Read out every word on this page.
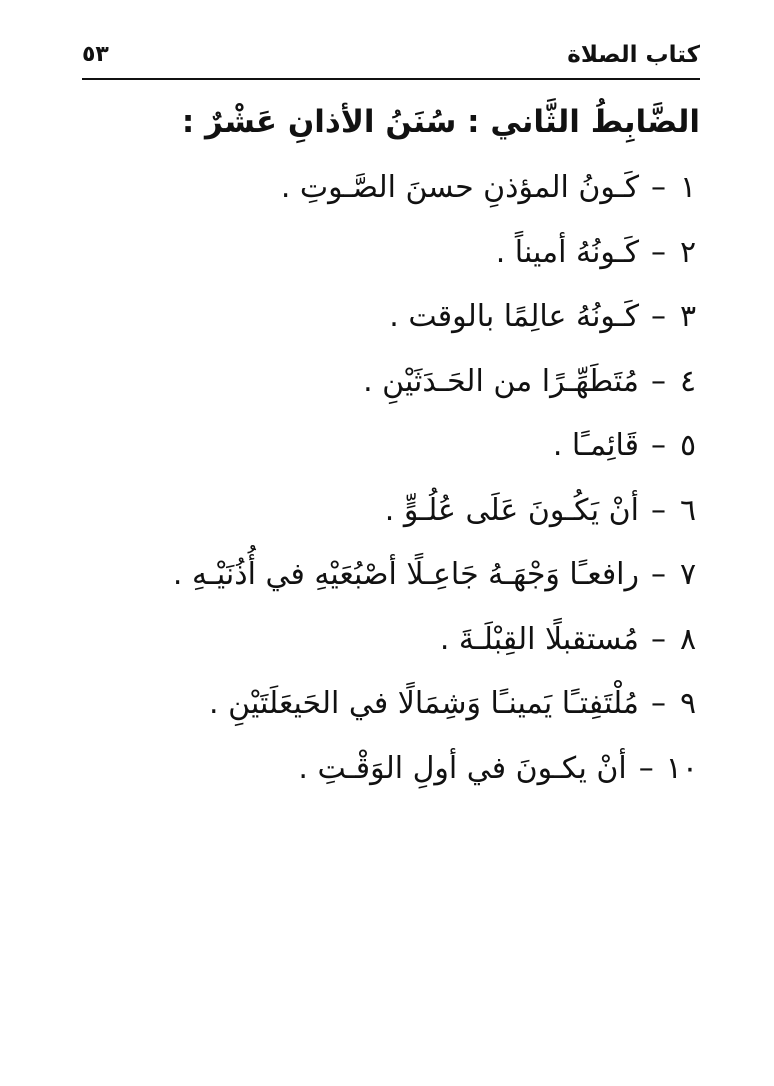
كتاب الصلاة
٥٣
الضَّابِطُ الثَّاني : سُنَنُ الأذانِ عَشْرٌ :
١–كَـونُ المؤذنِ حسنَ الصَّـوتِ .
٢–كَـونُهُ أميناً .
٣–كَـونُهُ عالِمًا بالوقت .
٤–مُتَطَهِّـرًا من الحَـدَثَيْنِ .
٥–قَائِمـًا .
٦–أنْ يَكُـونَ عَلَى عُلُـوٍّ .
٧–رافعـًا وَجْهَـهُ جَاعِـلًا أصْبُعَيْهِ في أُذُنَيْـهِ .
٨–مُستقبلًا القِبْلَـةَ .
٩–مُلْتَفِتـًا يَمينـًا وَشِمَالًا في الحَيعَلَتَيْنِ .
١٠–أنْ يكـونَ في أولِ الوَقْـتِ .
